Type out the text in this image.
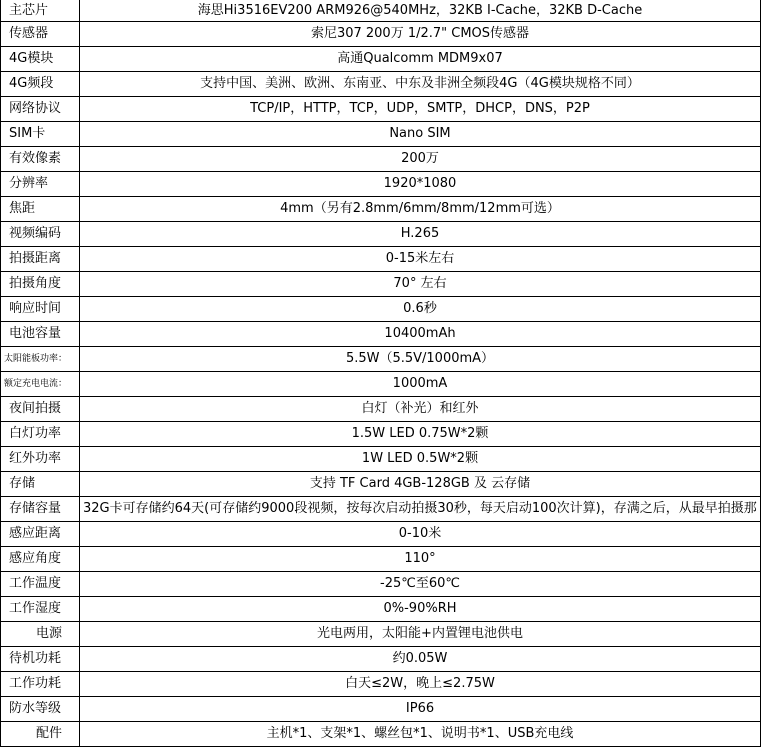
主芯片	海思Hi3516EV200 ARM926@540MHz，32KB I-Cache，32KB D-Cache
传感器	索尼307 200万 1/2.7" CMOS传感器
4G模块	高通Qualcomm MDM9x07
4G频段	支持中国、美洲、欧洲、东南亚、中东及非洲全频段4G（4G模块规格不同）
网络协议	TCP/IP，HTTP，TCP，UDP，SMTP，DHCP，DNS，P2P
SIM卡	Nano SIM
有效像素	200万
分辨率	1920*1080
焦距	4mm（另有2.8mm/6mm/8mm/12mm可选）
视频编码	H.265
拍摄距离	0-15米左右
拍摄角度	70° 左右
响应时间	0.6秒
电池容量	10400mAh
太阳能板功率：	5.5W（5.5V/1000mA）
额定充电电流：	1000mA
夜间拍摄	白灯（补光）和红外
白灯功率	1.5W LED 0.75W*2颗
红外功率	1W LED 0.5W*2颗
存储	支持 TF Card 4GB-128GB 及 云存储
存储容量	32G卡可存储约64天(可存储约9000段视频，按每次启动拍摄30秒，每天启动100次计算)，存满之后，从最早拍摄那
感应距离	0-10米
感应角度	110°
工作温度	-25℃至60℃
工作湿度	0%-90%RH
电源	光电两用，太阳能+内置锂电池供电
待机功耗	约0.05W
工作功耗	白天≤2W，晚上≤2.75W
防水等级	IP66
配件	主机*1、支架*1、螺丝包*1、说明书*1、USB充电线
